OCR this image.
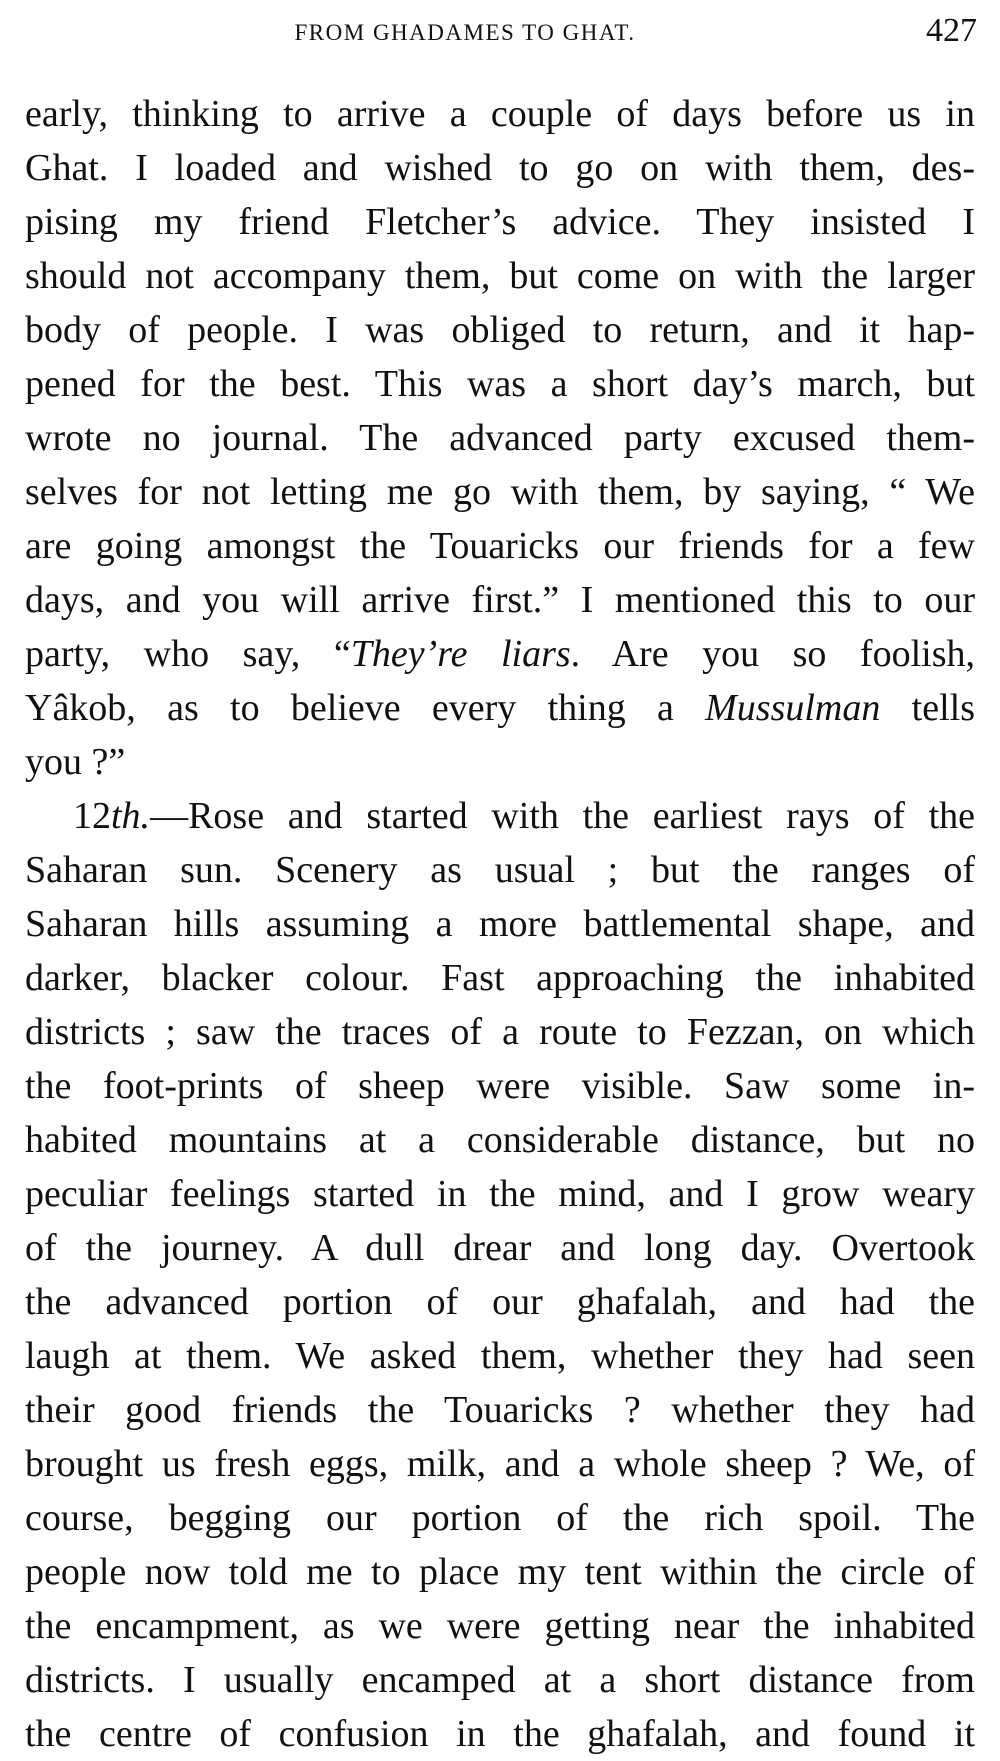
FROM GHADAMES TO GHAT.	427
early, thinking to arrive a couple of days before us in
Ghat. I loaded and wished to go on with them, des-
pising my friend Fletcher’s advice. They insisted I
should not accompany them, but come on with the larger
body of people. I was obliged to return, and it hap-
pened for the best. This was a short day’s march, but
wrote no journal. The advanced party excused them-
selves for not letting me go with them, by saying, “ We
are going amongst the Touaricks our friends for a few
days, and you will arrive first.” I mentioned this to our
party, who say, “They’re liars. Are you so foolish,
Yâkob, as to believe every thing a Mussulman tells
you ?”
12th.—Rose and started with the earliest rays of the
Saharan sun. Scenery as usual ; but the ranges of
Saharan hills assuming a more battlemental shape, and
darker, blacker colour. Fast approaching the inhabited
districts ; saw the traces of a route to Fezzan, on which
the foot-prints of sheep were visible. Saw some in-
habited mountains at a considerable distance, but no
peculiar feelings started in the mind, and I grow weary
of the journey. A dull drear and long day. Overtook
the advanced portion of our ghafalah, and had the
laugh at them. We asked them, whether they had seen
their good friends the Touaricks ? whether they had
brought us fresh eggs, milk, and a whole sheep ? We, of
course, begging our portion of the rich spoil. The
people now told me to place my tent within the circle of
the encampment, as we were getting near the inhabited
districts. I usually encamped at a short distance from
the centre of confusion in the ghafalah, and found it
